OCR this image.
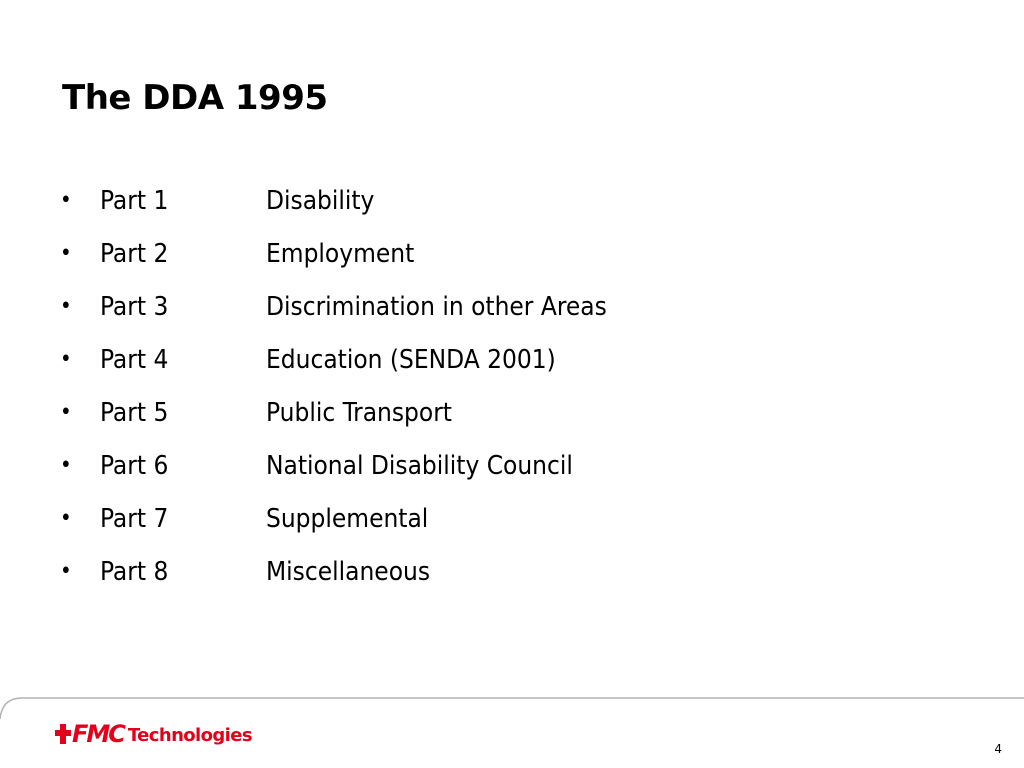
The DDA 1995
•	Part 1	Disability
•	Part 2	Employment
•	Part 3	Discrimination in other Areas
•	Part 4	Education (SENDA 2001)
•	Part 5	Public Transport
•	Part 6	National Disability Council
•	Part 7	Supplemental
•	Part 8	Miscellaneous
FMC Technologies
4
